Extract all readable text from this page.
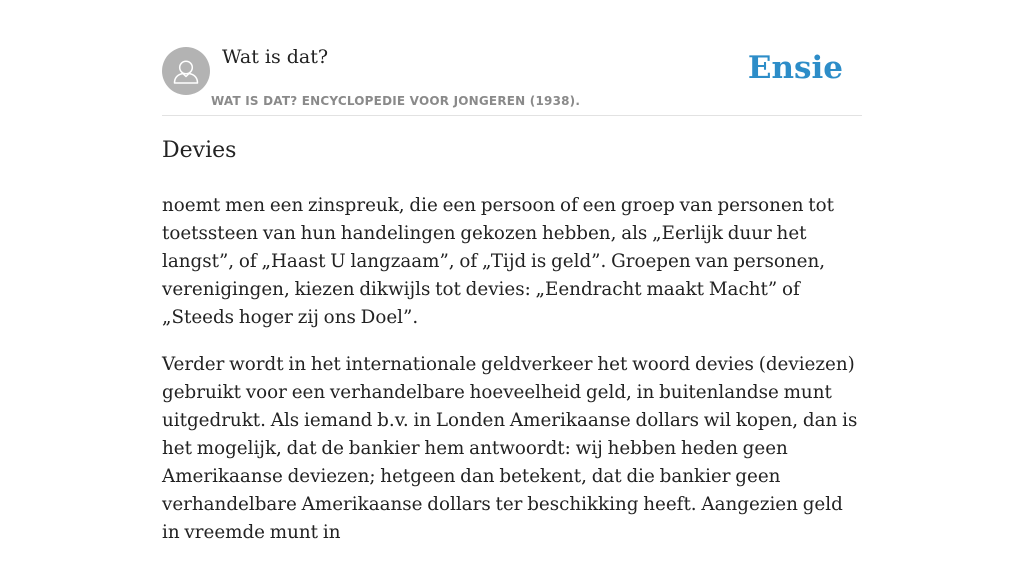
Wat is dat?
WAT IS DAT? ENCYCLOPEDIE VOOR JONGEREN (1938).
Ensie
Devies

noemt men een zinspreuk, die een persoon of een groep van personen tot toetssteen van hun handelingen gekozen hebben, als „Eerlijk duur het langst”, of „Haast U langzaam”, of „Tijd is geld”. Groepen van personen, verenigingen, kiezen dikwijls tot devies: „Eendracht maakt Macht” of „Steeds hoger zij ons Doel”.

Verder wordt in het internationale geldverkeer het woord devies (deviezen) gebruikt voor een verhandelbare hoeveelheid geld, in buitenlandse munt uitgedrukt. Als iemand b.v. in Londen Amerikaanse dollars wil kopen, dan is het mogelijk, dat de bankier hem antwoordt: wij hebben heden geen Amerikaanse deviezen; hetgeen dan betekent, dat die bankier geen verhandelbare Amerikaanse dollars ter beschikking heeft. Aangezien geld in vreemde munt in
